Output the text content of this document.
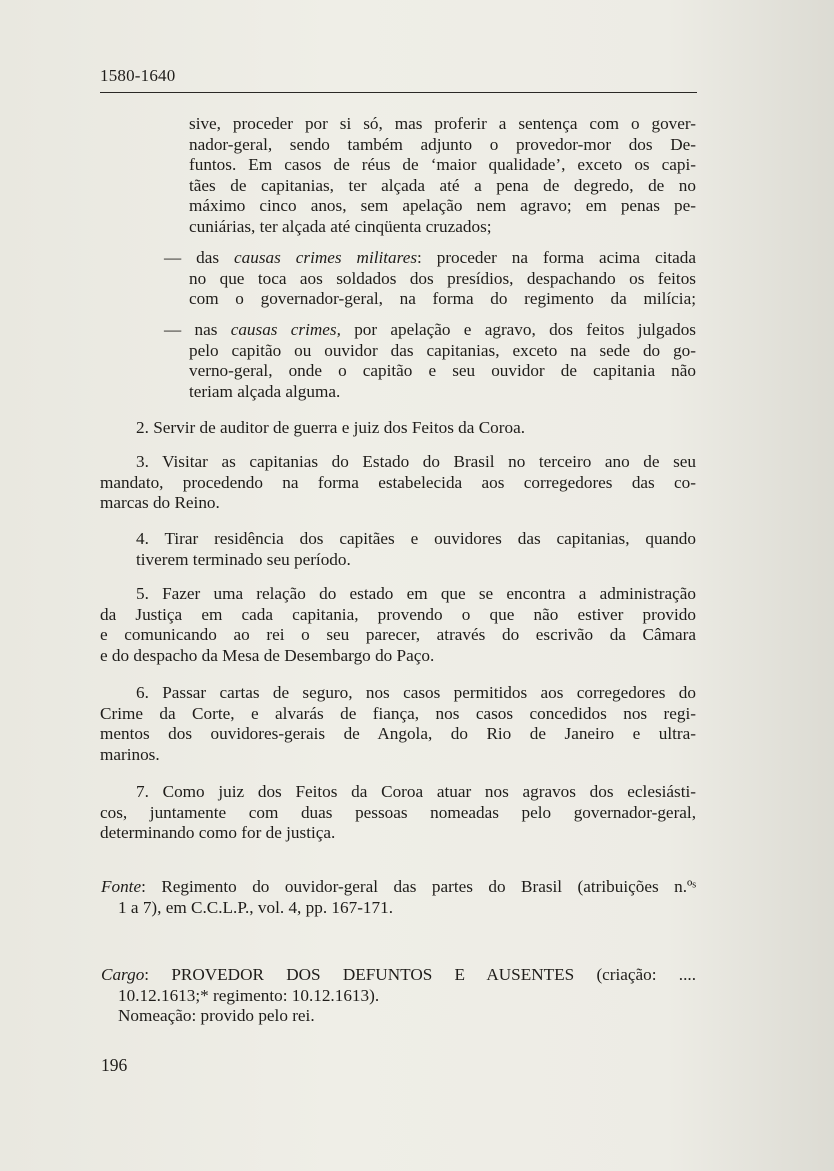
1580-1640
sive, proceder por si só, mas proferir a sentença com o gover-
nador-geral, sendo também adjunto o provedor-mor dos De-
funtos. Em casos de réus de ‘maior qualidade’, exceto os capi-
tães de capitanias, ter alçada até a pena de degredo, de no
máximo cinco anos, sem apelação nem agravo; em penas pe-
cuniárias, ter alçada até cinqüenta cruzados;
— das causas crimes militares: proceder na forma acima citada
no que toca aos soldados dos presídios, despachando os feitos
com o governador-geral, na forma do regimento da milícia;
— nas causas crimes, por apelação e agravo, dos feitos julgados
pelo capitão ou ouvidor das capitanias, exceto na sede do go-
verno-geral, onde o capitão e seu ouvidor de capitania não
teriam alçada alguma.
2. Servir de auditor de guerra e juiz dos Feitos da Coroa.
3. Visitar as capitanias do Estado do Brasil no terceiro ano de seu
mandato, procedendo na forma estabelecida aos corregedores das co-
marcas do Reino.
4. Tirar residência dos capitães e ouvidores das capitanias, quando
tiverem terminado seu período.
5. Fazer uma relação do estado em que se encontra a administração
da Justiça em cada capitania, provendo o que não estiver provido
e comunicando ao rei o seu parecer, através do escrivão da Câmara
e do despacho da Mesa de Desembargo do Paço.
6. Passar cartas de seguro, nos casos permitidos aos corregedores do
Crime da Corte, e alvarás de fiança, nos casos concedidos nos regi-
mentos dos ouvidores-gerais de Angola, do Rio de Janeiro e ultra-
marinos.
7. Como juiz dos Feitos da Coroa atuar nos agravos dos eclesiásti-
cos, juntamente com duas pessoas nomeadas pelo governador-geral,
determinando como for de justiça.
Fonte: Regimento do ouvidor-geral das partes do Brasil (atribuições n.ºˢ
1 a 7), em C.C.L.P., vol. 4, pp. 167-171.
Cargo: PROVEDOR DOS DEFUNTOS E AUSENTES (criação: ....
10.12.1613;* regimento: 10.12.1613).
Nomeação: provido pelo rei.
196
